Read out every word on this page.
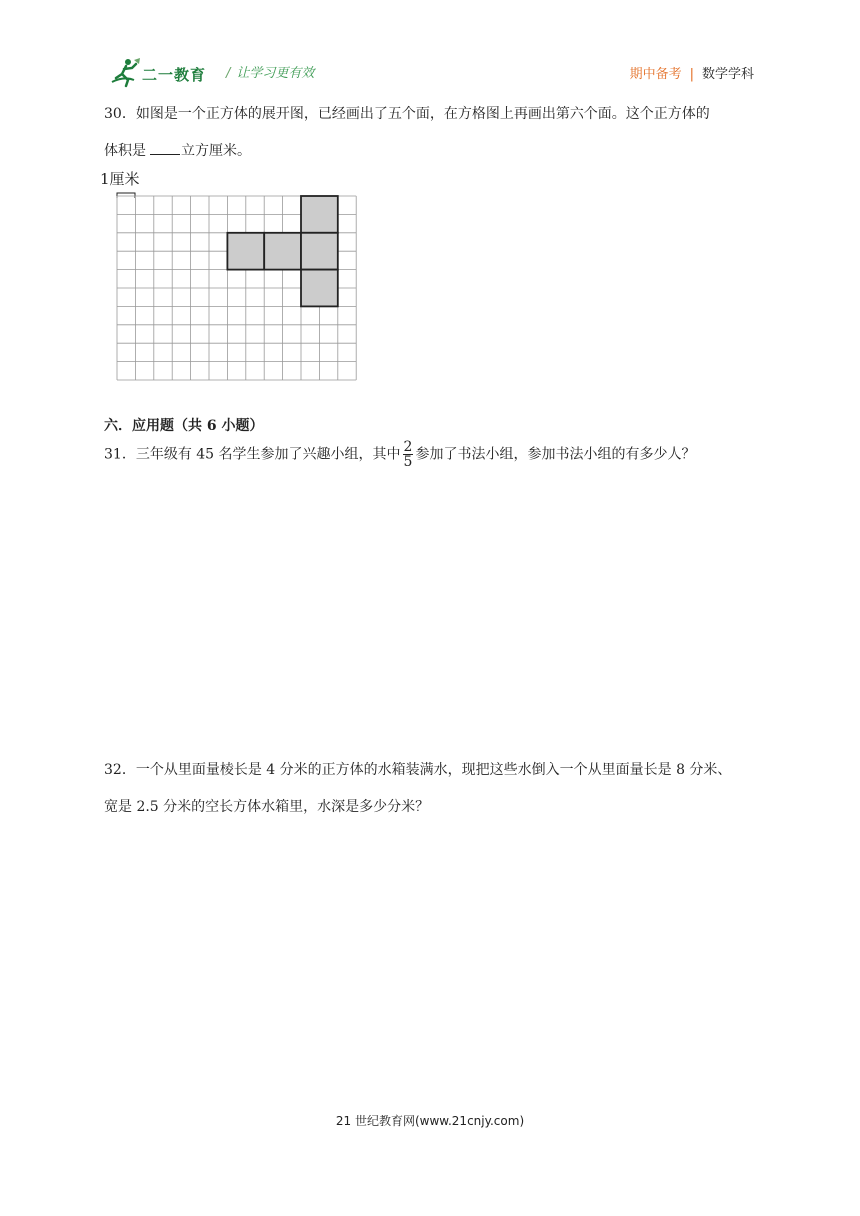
二一教育 / 让学习更有效	期中备考 | 数学学科
30．如图是一个正方体的展开图，已经画出了五个面，在方格图上再画出第六个面。这个正方体的
体积是	立方厘米。
1厘米
六．应用题（共 6 小题）
31．三年级有 45 名学生参加了兴趣小组，其中 $\frac{2}{5}$ 参加了书法小组，参加书法小组的有多少人？
32．一个从里面量棱长是 4 分米的正方体的水箱装满水，现把这些水倒入一个从里面量长是 8 分米、
宽是 2.5 分米的空长方体水箱里，水深是多少分米？
21 世纪教育网(www.21cnjy.com)
